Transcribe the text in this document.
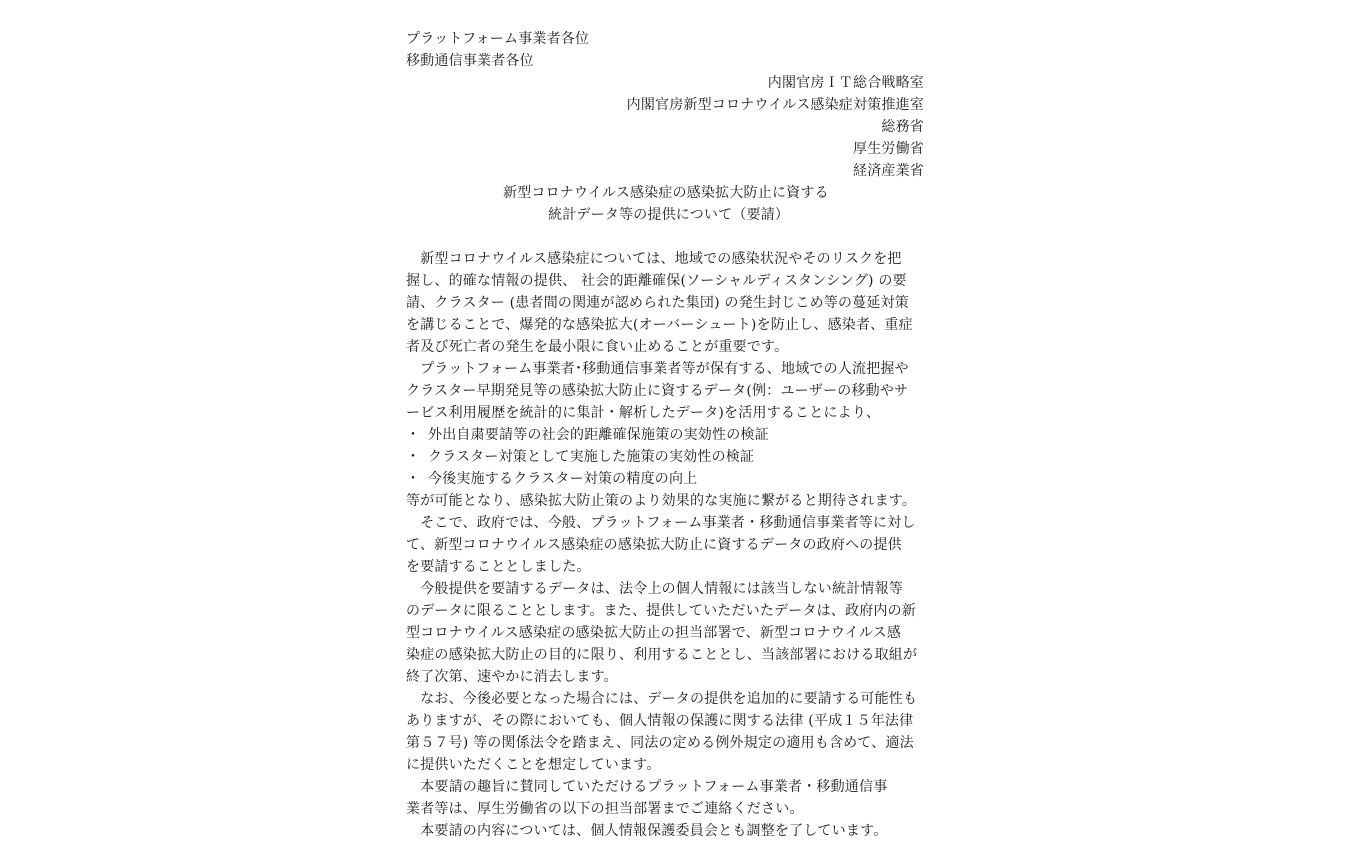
プラットフォーム事業者各位
移動通信事業者各位
内閣官房ＩＴ総合戦略室
内閣官房新型コロナウイルス感染症対策推進室
総務省
厚生労働省
経済産業省
新型コロナウイルス感染症の感染拡大防止に資する
統計データ等の提供について（要請）
　新型コロナウイルス感染症については、地域での感染状況やそのリスクを把
握し、的確な情報の提供、 社会的距離確保(ソーシャルディスタンシング) の要
請、クラスター (患者間の関連が認められた集団) の発生封じこめ等の蔓延対策
を講じることで、爆発的な感染拡大(オーバーシュート)を防止し、感染者、重症
者及び死亡者の発生を最小限に食い止めることが重要です。
　プラットフォーム事業者･移動通信事業者等が保有する、地域での人流把握や
クラスター早期発見等の感染拡大防止に資するデータ(例：ユーザーの移動やサ
ービス利用履歴を統計的に集計・解析したデータ)を活用することにより、
・ 外出自粛要請等の社会的距離確保施策の実効性の検証
・ クラスター対策として実施した施策の実効性の検証
・ 今後実施するクラスター対策の精度の向上
等が可能となり、感染拡大防止策のより効果的な実施に繋がると期待されます。
　そこで、政府では、今般、プラットフォーム事業者・移動通信事業者等に対し
て、新型コロナウイルス感染症の感染拡大防止に資するデータの政府への提供
を要請することとしました。
　今般提供を要請するデータは、法令上の個人情報には該当しない統計情報等
のデータに限ることとします。また、提供していただいたデータは、政府内の新
型コロナウイルス感染症の感染拡大防止の担当部署で、新型コロナウイルス感
染症の感染拡大防止の目的に限り、利用することとし、当該部署における取組が
終了次第、速やかに消去します。
　なお、今後必要となった場合には、データの提供を追加的に要請する可能性も
ありますが、その際においても、個人情報の保護に関する法律 (平成１５年法律
第５７号) 等の関係法令を踏まえ、同法の定める例外規定の適用も含めて、適法
に提供いただくことを想定しています。
　本要請の趣旨に賛同していただけるプラットフォーム事業者・移動通信事
業者等は、厚生労働省の以下の担当部署までご連絡ください。
　本要請の内容については、個人情報保護委員会とも調整を了しています。
